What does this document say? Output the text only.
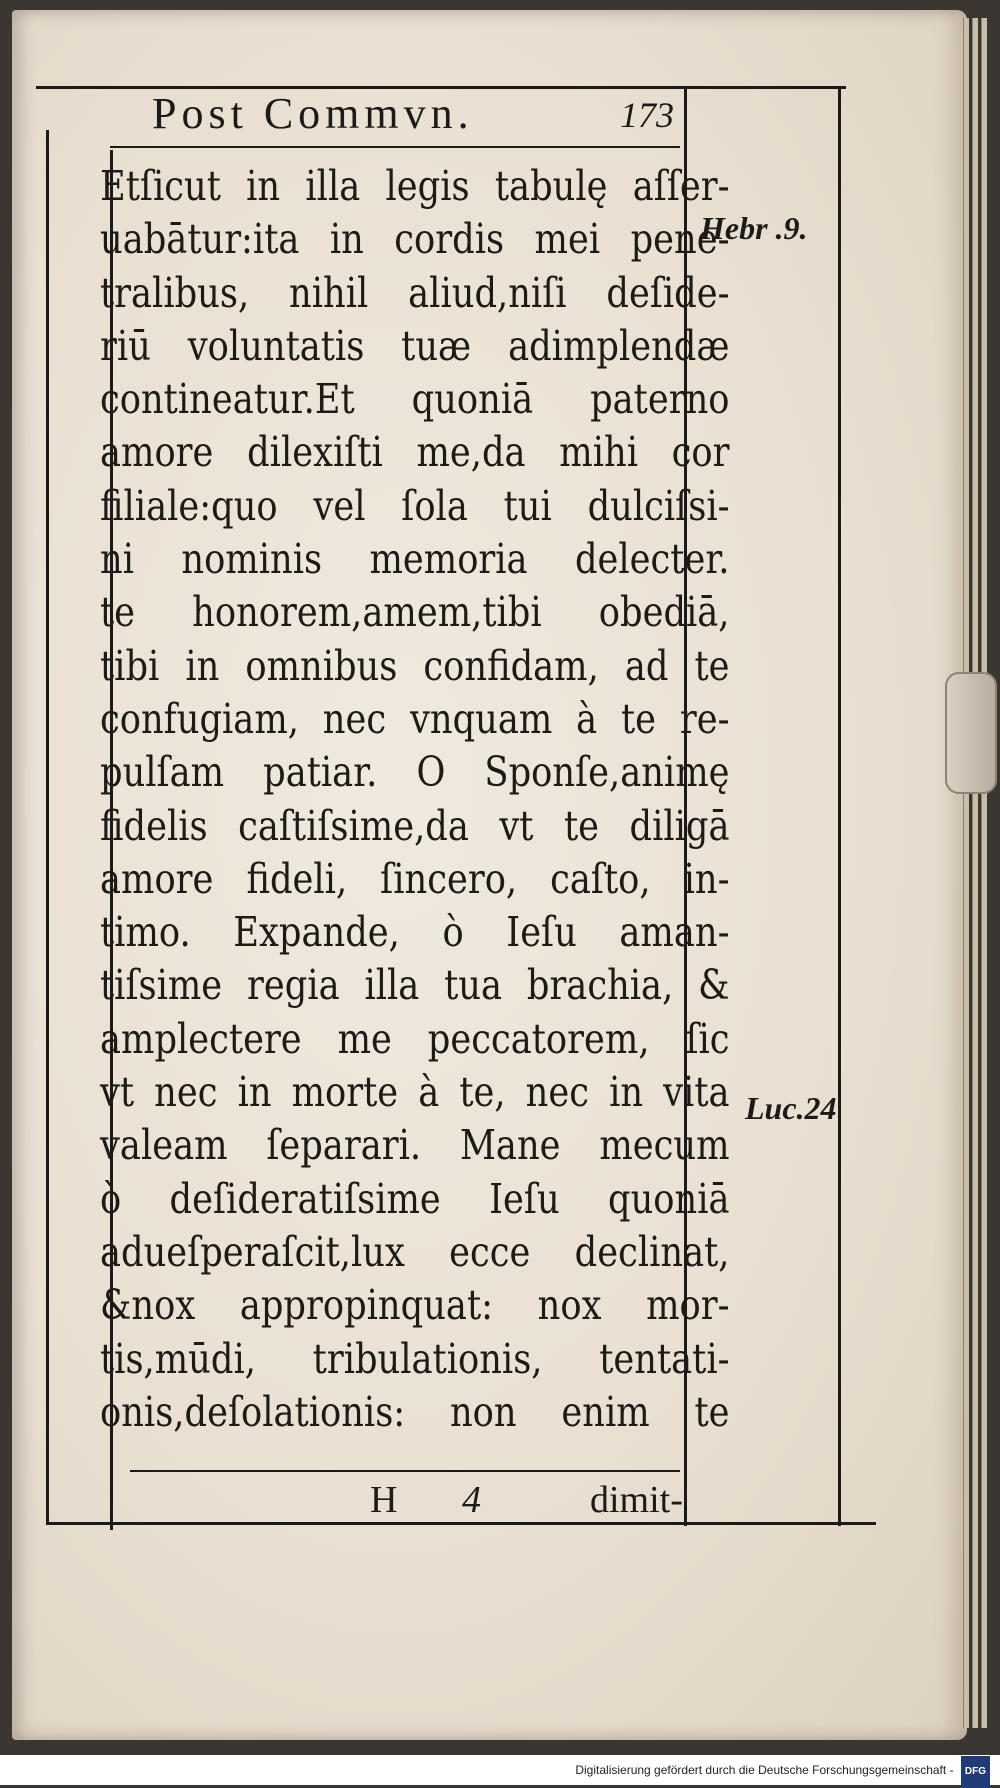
Post Commvn.	173
Hebr .9.
Luc.24
Etſicut in illa legis tabulę aſſer-
uabātur:ita in cordis mei pene-
tralibus, nihil aliud,niſi deſide-
riū voluntatis tuæ adimplendæ
contineatur.Et quoniā paterno
amore dilexiſti me,da mihi cor
filiale:quo vel ſola tui dulciſsi-
ni nominis memoria delecter.
te honorem,amem,tibi obediā,
tibi in omnibus confidam, ad te
confugiam, nec vnquam à te re-
pulſam patiar. O Sponſe,animę
fidelis caſtiſsime,da vt te diligā
amore fideli, ſincero, caſto, in-
timo. Expande, ò Ieſu aman-
tiſsime regia illa tua brachia, &
amplectere me peccatorem, ſic
vt nec in morte à te, nec in vita
valeam ſeparari. Mane mecum
ò deſideratiſsime Ieſu quoniā
adueſperaſcit,lux ecce declinat,
&nox appropinquat: nox mor-
tis,mūdi, tribulationis, tentati-
onis,deſolationis: non enim te
H 4	dimit-
Digitalisierung gefördert durch die Deutsche Forschungsgemeinschaft - DFG
